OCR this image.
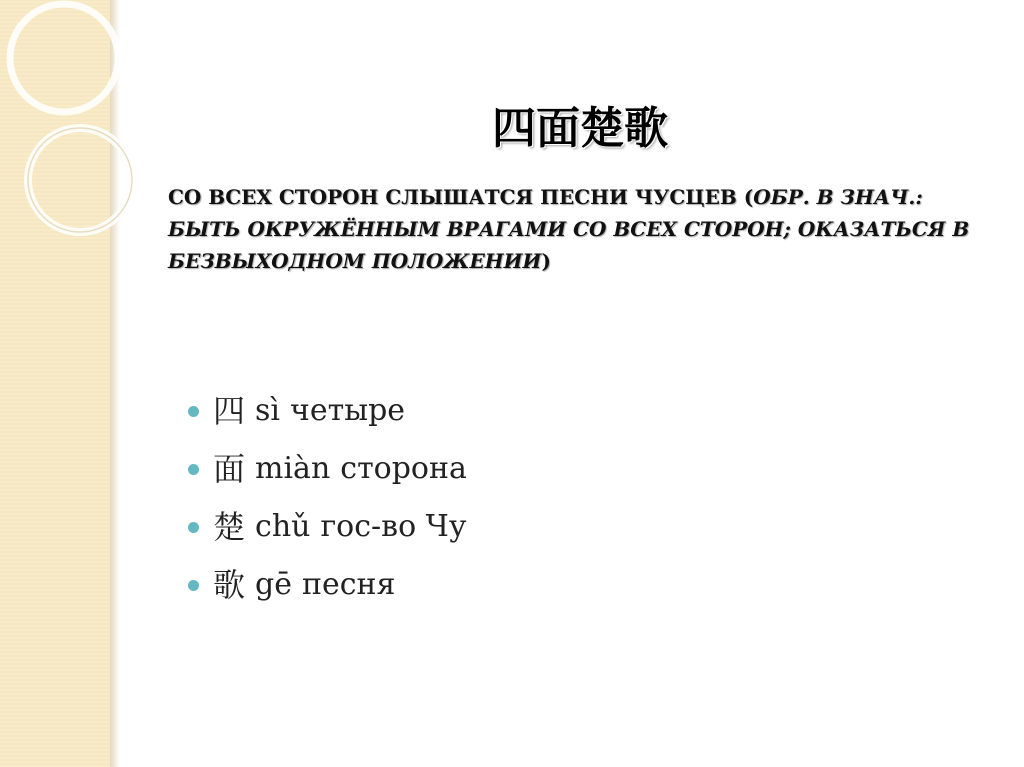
四面楚歌
СО ВСЕХ СТОРОН СЛЫШАТСЯ ПЕСНИ ЧУСЦЕВ (ОБР. В ЗНАЧ.: БЫТЬ ОКРУЖЁННЫМ ВРАГАМИ СО ВСЕХ СТОРОН; ОКАЗАТЬСЯ В БЕЗВЫХОДНОМ ПОЛОЖЕНИИ)
四 sì четыре
面 miàn сторона
楚 chǔ гос-во Чу
歌 gē песня
